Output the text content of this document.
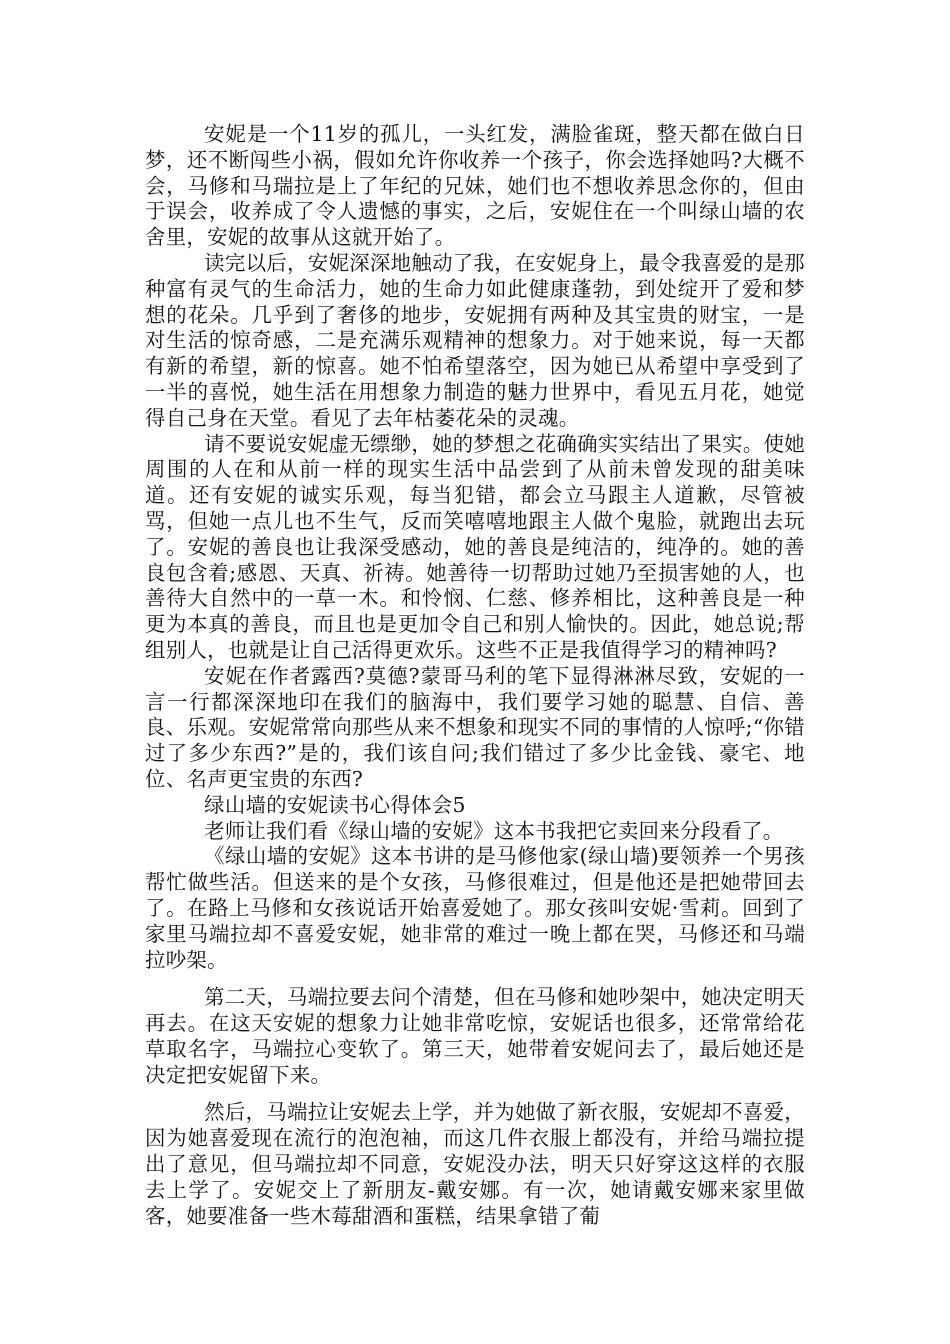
安妮是一个11岁的孤儿，一头红发，满脸雀斑，整天都在做白日梦，还不断闯些小祸，假如允许你收养一个孩子，你会选择她吗?大概不会，马修和马瑞拉是上了年纪的兄妹，她们也不想收养思念你的，但由于误会，收养成了令人遗憾的事实，之后，安妮住在一个叫绿山墙的农舍里，安妮的故事从这就开始了。

读完以后，安妮深深地触动了我，在安妮身上，最令我喜爱的是那种富有灵气的生命活力，她的生命力如此健康蓬勃，到处绽开了爱和梦想的花朵。几乎到了奢侈的地步，安妮拥有两种及其宝贵的财宝，一是对生活的惊奇感，二是充满乐观精神的想象力。对于她来说，每一天都有新的希望，新的惊喜。她不怕希望落空，因为她已从希望中享受到了一半的喜悦，她生活在用想象力制造的魅力世界中，看见五月花，她觉得自己身在天堂。看见了去年枯萎花朵的灵魂。

请不要说安妮虚无缥缈，她的梦想之花确确实实结出了果实。使她周围的人在和从前一样的现实生活中品尝到了从前未曾发现的甜美味道。还有安妮的诚实乐观，每当犯错，都会立马跟主人道歉，尽管被骂，但她一点儿也不生气，反而笑嘻嘻地跟主人做个鬼脸，就跑出去玩了。安妮的善良也让我深受感动，她的善良是纯洁的，纯净的。她的善良包含着;感恩、天真、祈祷。她善待一切帮助过她乃至损害她的人，也善待大自然中的一草一木。和怜悯、仁慈、修养相比，这种善良是一种更为本真的善良，而且也是更加令自己和别人愉快的。因此，她总说;帮组别人，也就是让自己活得更欢乐。这些不正是我值得学习的精神吗?

安妮在作者露西?莫德?蒙哥马利的笔下显得淋淋尽致，安妮的一言一行都深深地印在我们的脑海中，我们要学习她的聪慧、自信、善良、乐观。安妮常常向那些从来不想象和现实不同的事情的人惊呼;“你错过了多少东西?”是的，我们该自问;我们错过了多少比金钱、豪宅、地位、名声更宝贵的东西?

绿山墙的安妮读书心得体会5

老师让我们看《绿山墙的安妮》这本书我把它卖回来分段看了。

《绿山墙的安妮》这本书讲的是马修他家(绿山墙)要领养一个男孩帮忙做些活。但送来的是个女孩，马修很难过，但是他还是把她带回去了。在路上马修和女孩说话开始喜爱她了。那女孩叫安妮·雪莉。回到了家里马端拉却不喜爱安妮，她非常的难过一晚上都在哭，马修还和马端拉吵架。

第二天，马端拉要去问个清楚，但在马修和她吵架中，她决定明天再去。在这天安妮的想象力让她非常吃惊，安妮话也很多，还常常给花草取名字，马端拉心变软了。第三天，她带着安妮问去了，最后她还是决定把安妮留下来。

然后，马端拉让安妮去上学，并为她做了新衣服，安妮却不喜爱，因为她喜爱现在流行的泡泡袖，而这几件衣服上都没有，并给马端拉提出了意见，但马端拉却不同意，安妮没办法，明天只好穿这这样的衣服去上学了。安妮交上了新朋友-戴安娜。有一次，她请戴安娜来家里做客，她要准备一些木莓甜酒和蛋糕，结果拿错了葡
